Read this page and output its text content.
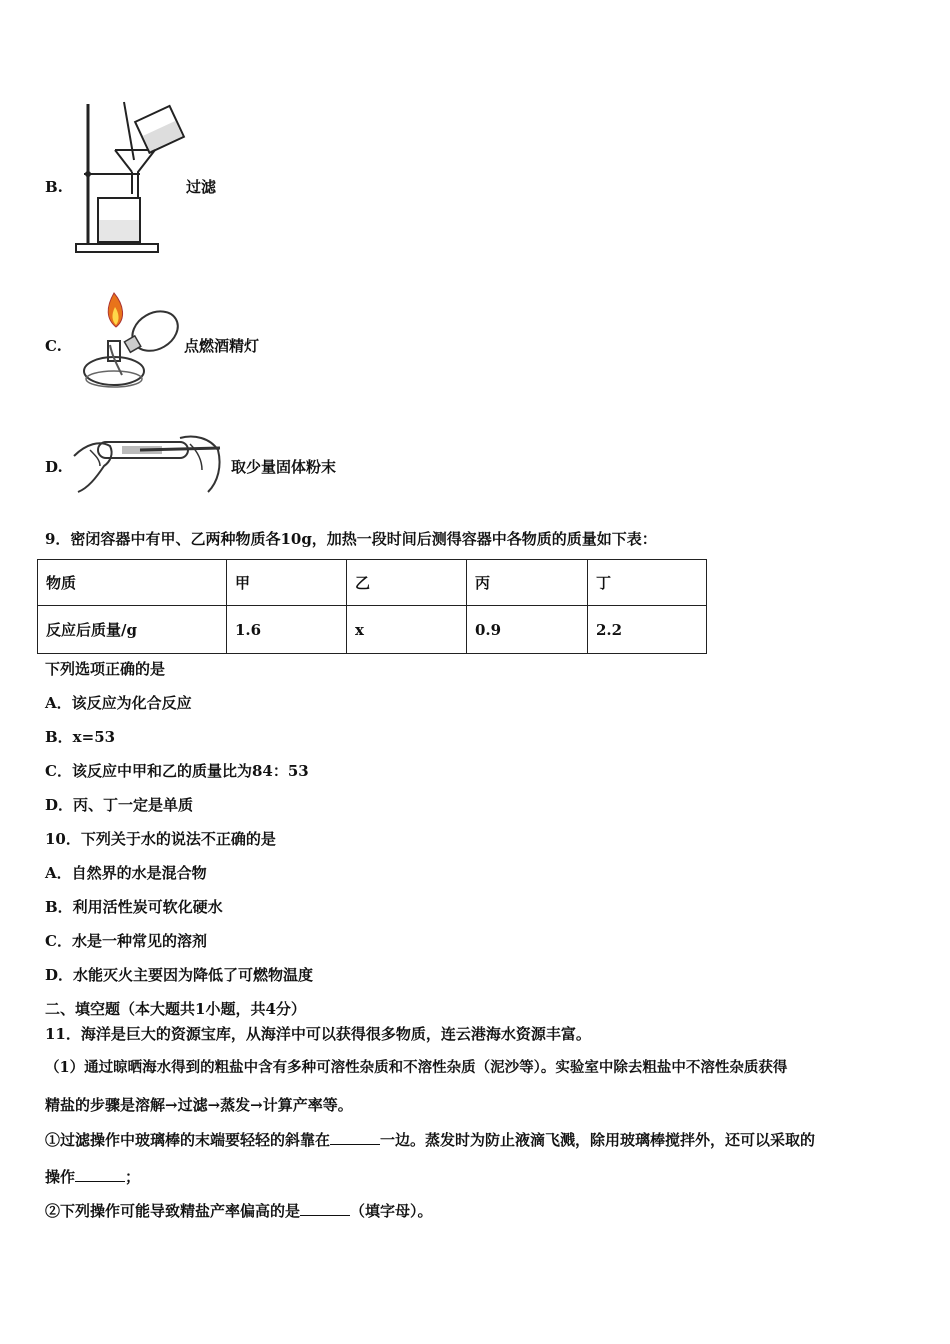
B.	过滤
C.	点燃酒精灯
D.	取少量固体粉末
9．密闭容器中有甲、乙两种物质各10g，加热一段时间后测得容器中各物质的质量如下表：
物质	甲	乙	丙	丁
反应后质量/g	1.6	x	0.9	2.2
下列选项正确的是
A．该反应为化合反应
B．x=53
C．该反应中甲和乙的质量比为84：53
D．丙、丁一定是单质
10．下列关于水的说法不正确的是
A．自然界的水是混合物
B．利用活性炭可软化硬水
C．水是一种常见的溶剂
D．水能灭火主要因为降低了可燃物温度
二、填空题（本大题共1小题，共4分）
11．海洋是巨大的资源宝库，从海洋中可以获得很多物质，连云港海水资源丰富。
（1）通过晾晒海水得到的粗盐中含有多种可溶性杂质和不溶性杂质（泥沙等）。实验室中除去粗盐中不溶性杂质获得
精盐的步骤是溶解→过滤→蒸发→计算产率等。
①过滤操作中玻璃棒的末端要轻轻的斜靠在	一边。蒸发时为防止液滴飞溅，除用玻璃棒搅拌外，还可以采取的
操作	；
②下列操作可能导致精盐产率偏高的是	（填字母）。
